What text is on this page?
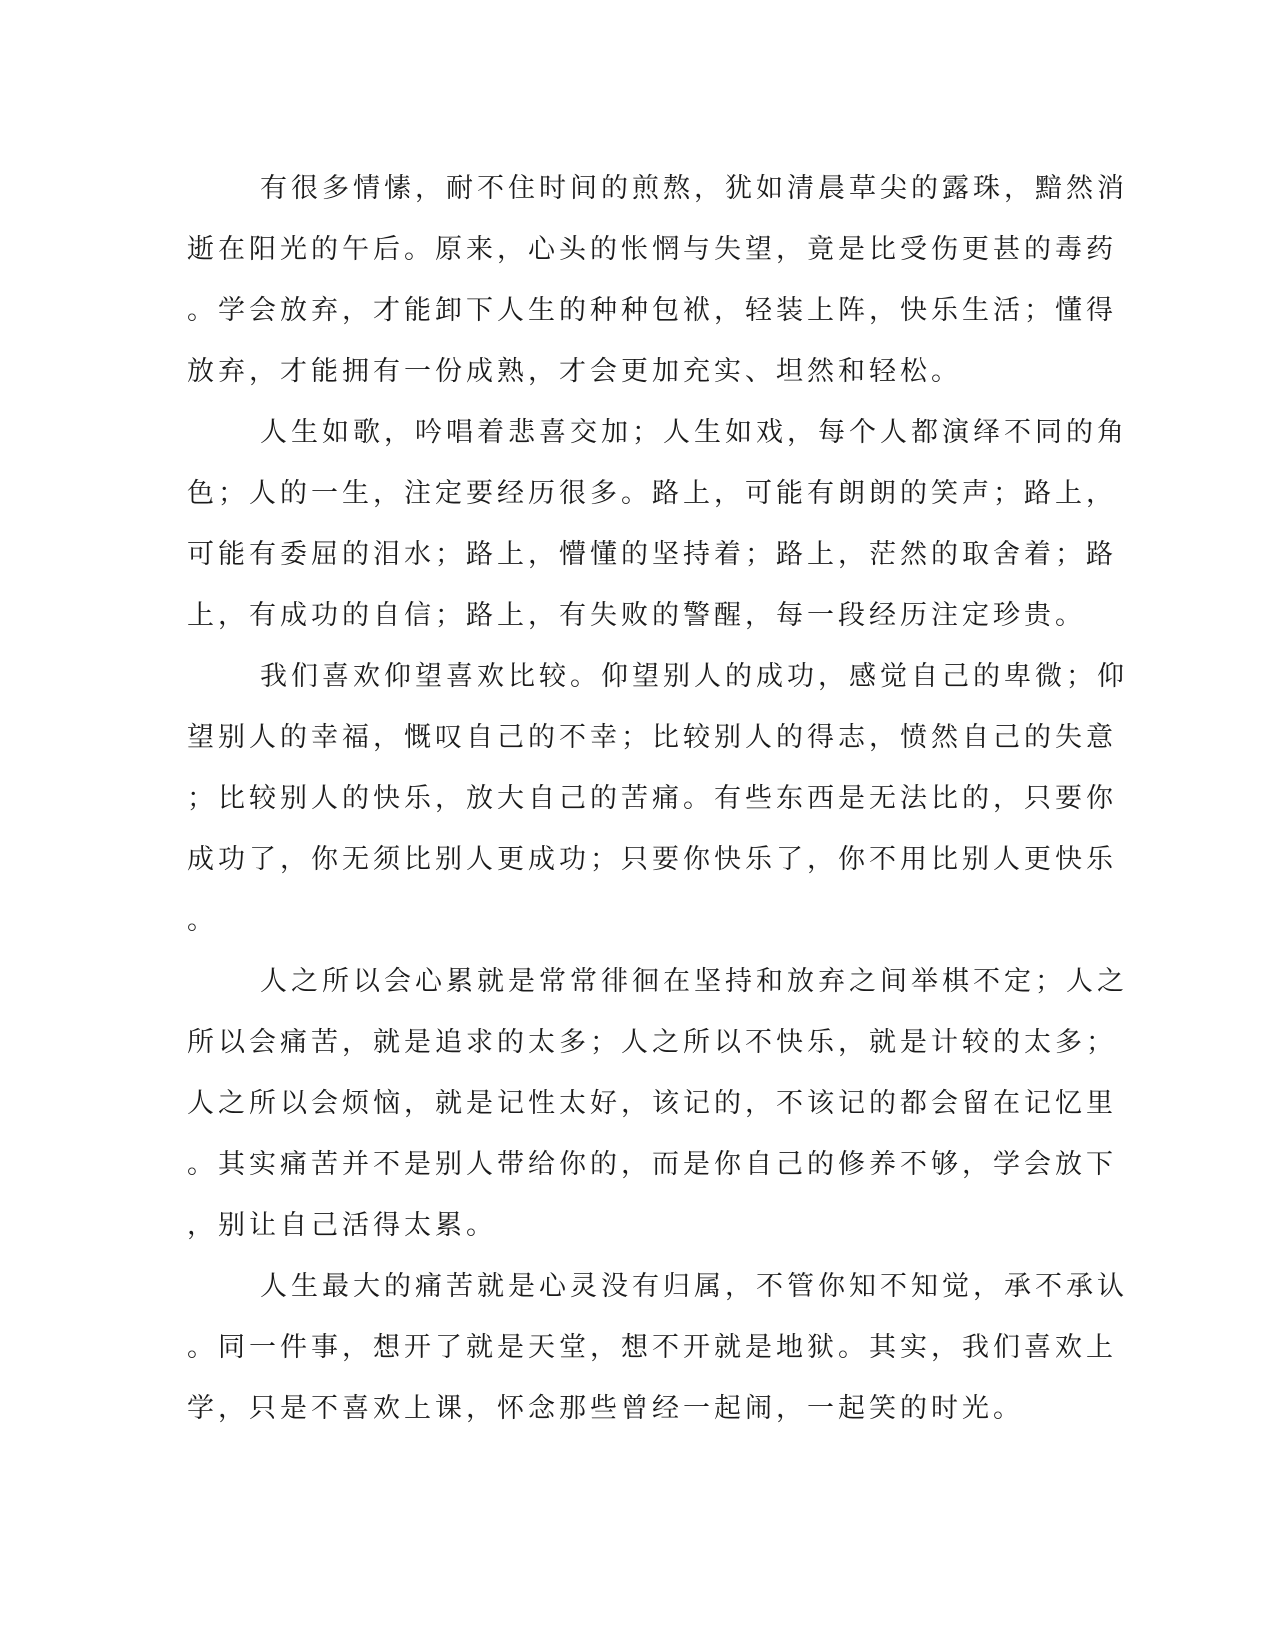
有很多情愫，耐不住时间的煎熬，犹如清晨草尖的露珠，黯然消
逝在阳光的午后。原来，心头的怅惘与失望，竟是比受伤更甚的毒药
。学会放弃，才能卸下人生的种种包袱，轻装上阵，快乐生活；懂得
放弃，才能拥有一份成熟，才会更加充实、坦然和轻松。
人生如歌，吟唱着悲喜交加；人生如戏，每个人都演绎不同的角
色；人的一生，注定要经历很多。路上，可能有朗朗的笑声；路上，
可能有委屈的泪水；路上，懵懂的坚持着；路上，茫然的取舍着；路
上，有成功的自信；路上，有失败的警醒，每一段经历注定珍贵。
我们喜欢仰望喜欢比较。仰望别人的成功，感觉自己的卑微；仰
望别人的幸福，慨叹自己的不幸；比较别人的得志，愤然自己的失意
；比较别人的快乐，放大自己的苦痛。有些东西是无法比的，只要你
成功了，你无须比别人更成功；只要你快乐了，你不用比别人更快乐
。
人之所以会心累就是常常徘徊在坚持和放弃之间举棋不定；人之
所以会痛苦，就是追求的太多；人之所以不快乐，就是计较的太多；
人之所以会烦恼，就是记性太好，该记的，不该记的都会留在记忆里
。其实痛苦并不是别人带给你的，而是你自己的修养不够，学会放下
，别让自己活得太累。
人生最大的痛苦就是心灵没有归属，不管你知不知觉，承不承认
。同一件事，想开了就是天堂，想不开就是地狱。其实，我们喜欢上
学，只是不喜欢上课，怀念那些曾经一起闹，一起笑的时光。
